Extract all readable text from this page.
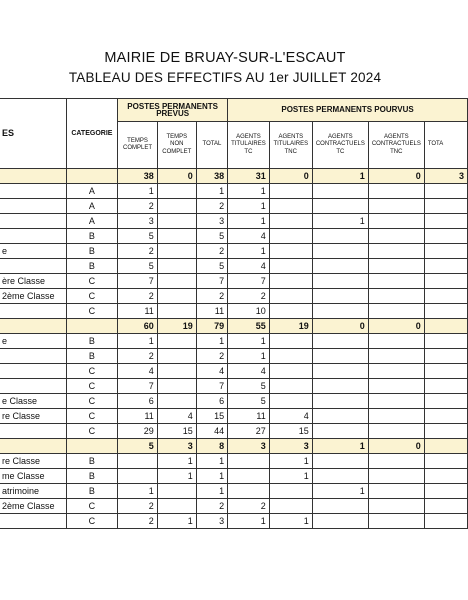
MAIRIE DE BRUAY-SUR-L'ESCAUT
TABLEAU DES EFFECTIFS AU 1er JUILLET 2024
ES	CATEGORIE	POSTES PERMANENTS PREVUS			POSTES PERMANENTS POURVUS				
		TEMPS COMPLET	TEMPS NON COMPLET	TOTAL	AGENTS TITULAIRES TC	AGENTS TITULAIRES TNC	AGENTS CONTRACTUELS TC	AGENTS CONTRACTUELS TNC	TOTA
		38	0	38	31	0	1	0	3
	A	1		1	1				
	A	2		2	1				
	A	3		3	1		1		
	B	5		5	4				
e	B	2		2	1				
	B	5		5	4				
ère Classe	C	7		7	7				
2ème Classe	C	2		2	2				
	C	11		11	10				
		60	19	79	55	19	0	0	
e	B	1		1	1				
	B	2		2	1				
	C	4		4	4				
	C	7		7	5				
e Classe	C	6		6	5				
re Classe	C	11	4	15	11	4			
	C	29	15	44	27	15			
		5	3	8	3	3	1	0	
re Classe	B		1	1		1			
me Classe	B		1	1		1			
atrimoine	B	1		1			1		
2ème Classe	C	2		2	2				
	C	2	1	3	1	1			
